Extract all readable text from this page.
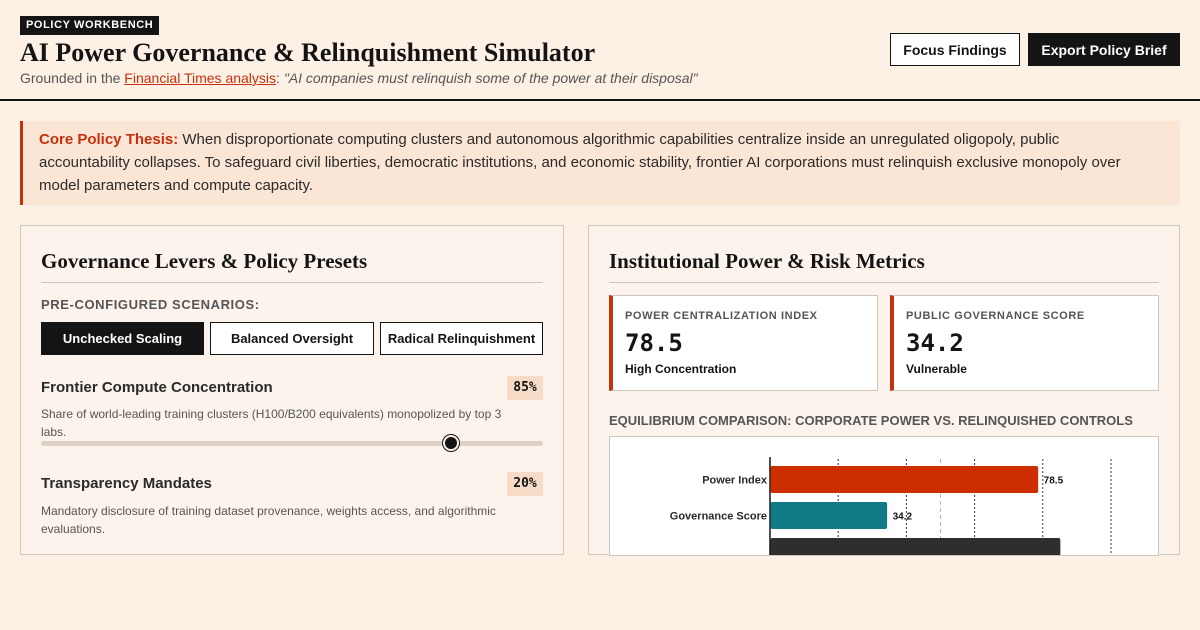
POLICY WORKBENCH
AI Power Governance & Relinquishment Simulator
Grounded in the Financial Times analysis: "AI companies must relinquish some of the power at their disposal"
Focus Findings	Export Policy Brief
Core Policy Thesis: When disproportionate computing clusters and autonomous algorithmic capabilities centralize inside an unregulated oligopoly, public accountability collapses. To safeguard civil liberties, democratic institutions, and economic stability, frontier AI corporations must relinquish exclusive monopoly over model parameters and compute capacity.
Governance Levers & Policy Presets
PRE-CONFIGURED SCENARIOS:
Unchecked Scaling	Balanced Oversight	Radical Relinquishment
Frontier Compute Concentration	85%
Share of world-leading training clusters (H100/B200 equivalents) monopolized by top 3 labs.
Transparency Mandates	20%
Mandatory disclosure of training dataset provenance, weights access, and algorithmic evaluations.
Institutional Power & Risk Metrics
POWER CENTRALIZATION INDEX
78.5
High Concentration
PUBLIC GOVERNANCE SCORE
34.2
Vulnerable
EQUILIBRIUM COMPARISON: CORPORATE POWER VS. RELINQUISHED CONTROLS
Power Index	78.5
Governance Score	34.2
